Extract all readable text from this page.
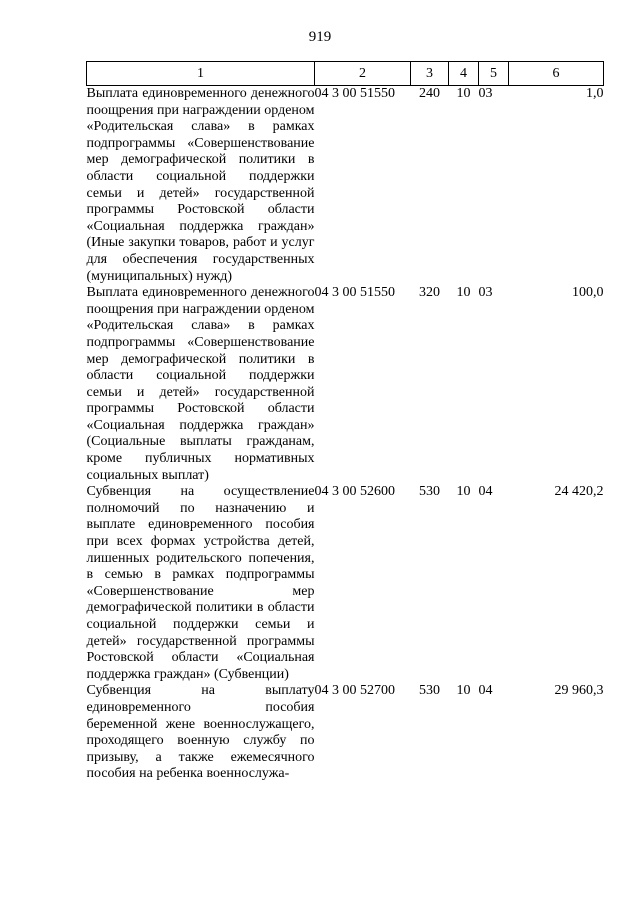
919
1	2	3	4	5	6
Выплата единовременного денежного поощрения при награждении орденом «Родительская слава» в рамках подпрограммы «Совершенствование мер демографической политики в области социальной поддержки семьи и детей» государственной программы Ростовской области «Социальная поддержка граждан» (Иные закупки товаров, работ и услуг для обеспечения государственных (муниципальных) нужд)	04 3 00 51550	240	10	03	1,0
Выплата единовременного денежного поощрения при награждении орденом «Родительская слава» в рамках подпрограммы «Совершенствование мер демографической политики в области социальной поддержки семьи и детей» государственной программы Ростовской области «Социальная поддержка граждан» (Социальные выплаты гражданам, кроме публичных нормативных социальных выплат)	04 3 00 51550	320	10	03	100,0
Субвенция на осуществление полномочий по назначению и выплате единовременного пособия при всех формах устройства детей, лишенных родительского попечения, в семью в рамках подпрограммы «Совершенствование мер демографической политики в области социальной поддержки семьи и детей» государственной программы Ростовской области «Социальная поддержка граждан» (Субвенции)	04 3 00 52600	530	10	04	24 420,2
Субвенция на выплату единовременного пособия беременной жене военнослужащего, проходящего военную службу по призыву, а также ежемесячного пособия на ребенка военнослужа-	04 3 00 52700	530	10	04	29 960,3
